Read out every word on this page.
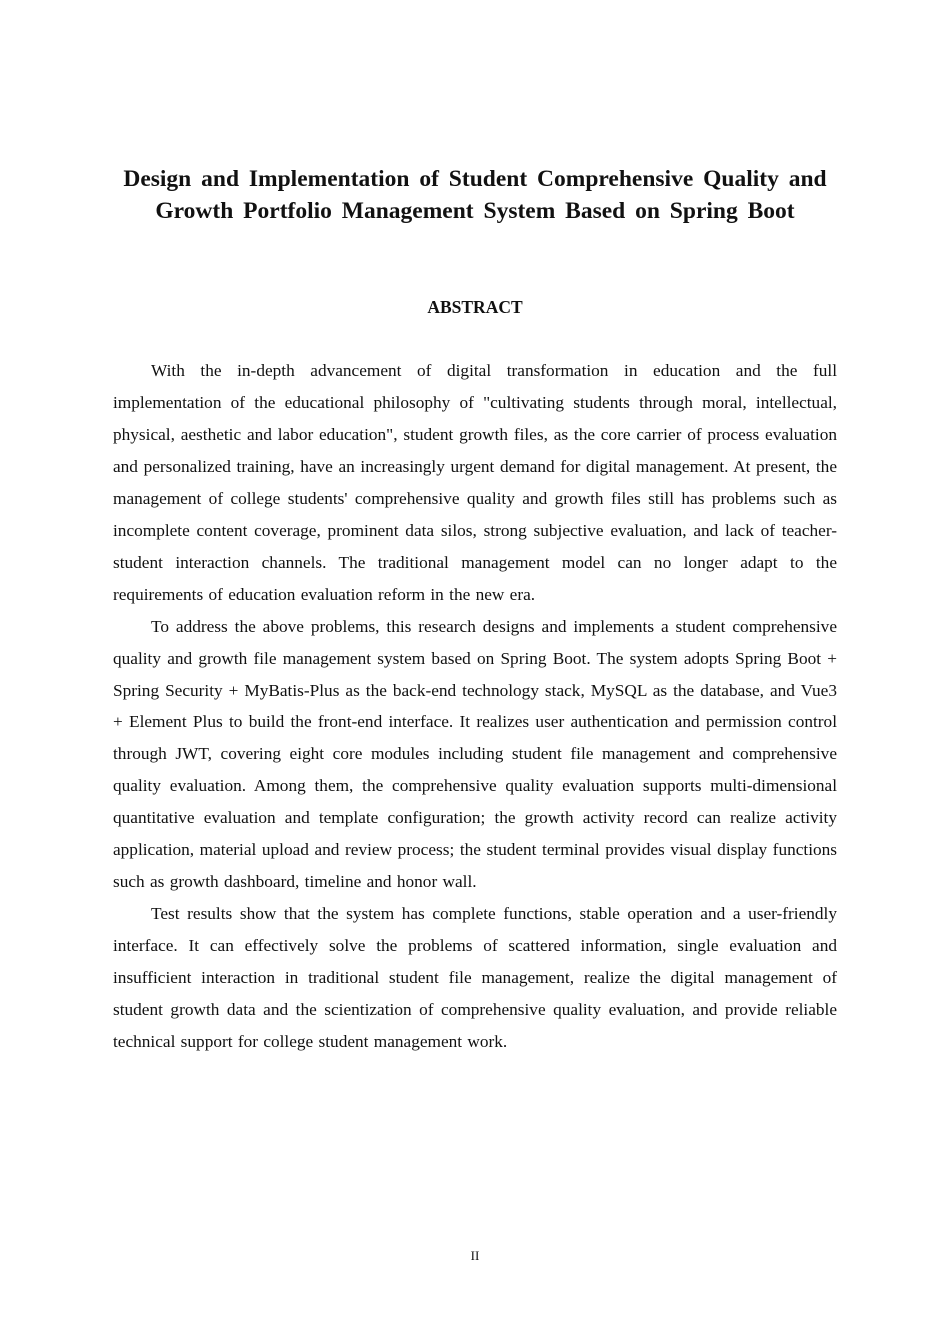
Design and Implementation of Student Comprehensive Quality and Growth Portfolio Management System Based on Spring Boot
ABSTRACT

With the in-depth advancement of digital transformation in education and the full implementation of the educational philosophy of "cultivating students through moral, intellectual, physical, aesthetic and labor education", student growth files, as the core carrier of process evaluation and personalized training, have an increasingly urgent demand for digital management. At present, the management of college students' comprehensive quality and growth files still has problems such as incomplete content coverage, prominent data silos, strong subjective evaluation, and lack of teacher-student interaction channels. The traditional management model can no longer adapt to the requirements of education evaluation reform in the new era.

To address the above problems, this research designs and implements a student comprehensive quality and growth file management system based on Spring Boot. The system adopts Spring Boot + Spring Security + MyBatis-Plus as the back-end technology stack, MySQL as the database, and Vue3 + Element Plus to build the front-end interface. It realizes user authentication and permission control through JWT, covering eight core modules including student file management and comprehensive quality evaluation. Among them, the comprehensive quality evaluation supports multi-dimensional quantitative evaluation and template configuration; the growth activity record can realize activity application, material upload and review process; the student terminal provides visual display functions such as growth dashboard, timeline and honor wall.

Test results show that the system has complete functions, stable operation and a user-friendly interface. It can effectively solve the problems of scattered information, single evaluation and insufficient interaction in traditional student file management, realize the digital management of student growth data and the scientization of comprehensive quality evaluation, and provide reliable technical support for college student management work.

II
